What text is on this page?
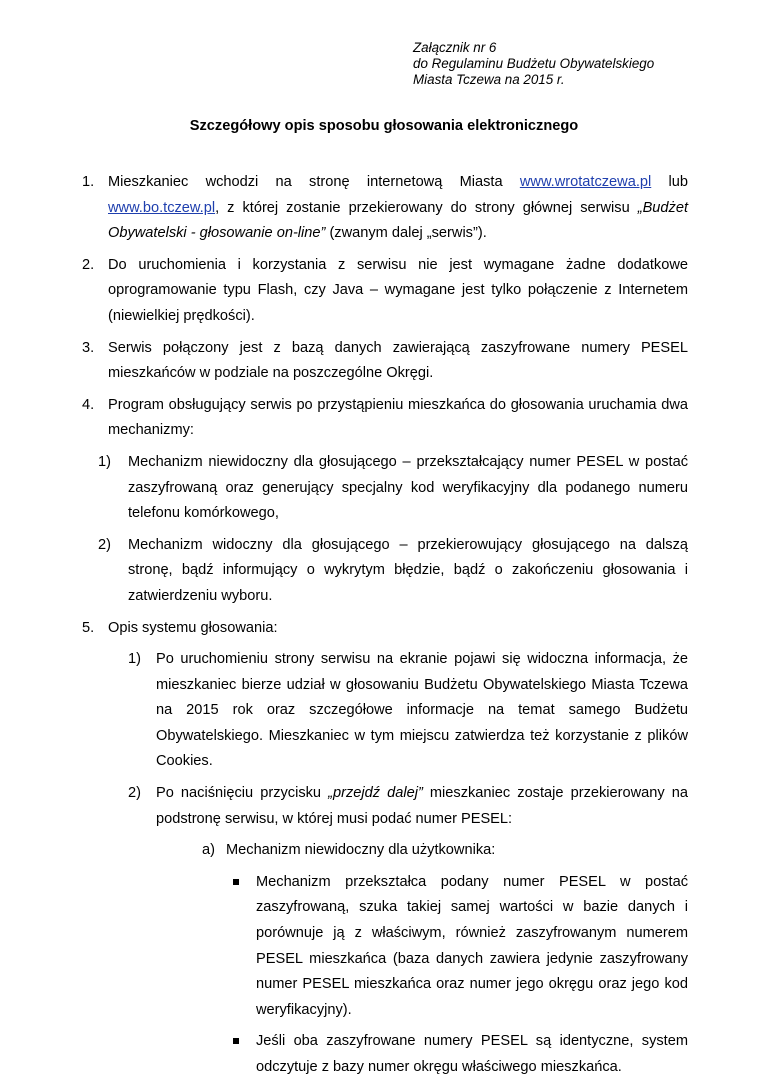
Załącznik nr 6
do Regulaminu Budżetu Obywatelskiego
Miasta Tczewa na 2015 r.
Szczegółowy opis sposobu głosowania elektronicznego
1. Mieszkaniec wchodzi na stronę internetową Miasta www.wrotatczewa.pl lub www.bo.tczew.pl, z której zostanie przekierowany do strony głównej serwisu „Budżet Obywatelski - głosowanie on-line” (zwanym dalej „serwis”).
2. Do uruchomienia i korzystania z serwisu nie jest wymagane żadne dodatkowe oprogramowanie typu Flash, czy Java – wymagane jest tylko połączenie z Internetem (niewielkiej prędkości).
3. Serwis połączony jest z bazą danych zawierającą zaszyfrowane numery PESEL mieszkańców w podziale na poszczególne Okręgi.
4. Program obsługujący serwis po przystąpieniu mieszkańca do głosowania uruchamia dwa mechanizmy:
1) Mechanizm niewidoczny dla głosującego – przekształcający numer PESEL w postać zaszyfrowaną oraz generujący specjalny kod weryfikacyjny dla podanego numeru telefonu komórkowego,
2) Mechanizm widoczny dla głosującego – przekierowujący głosującego na dalszą stronę, bądź informujący o wykrytym błędzie, bądź o zakończeniu głosowania i zatwierdzeniu wyboru.
5. Opis systemu głosowania:
1) Po uruchomieniu strony serwisu na ekranie pojawi się widoczna informacja, że mieszkaniec bierze udział w głosowaniu Budżetu Obywatelskiego Miasta Tczewa na 2015 rok oraz szczegółowe informacje na temat samego Budżetu Obywatelskiego. Mieszkaniec w tym miejscu zatwierdza też korzystanie z plików Cookies.
2) Po naciśnięciu przycisku „przejdź dalej” mieszkaniec zostaje przekierowany na podstronę serwisu, w której musi podać numer PESEL:
a) Mechanizm niewidoczny dla użytkownika:
Mechanizm przekształca podany numer PESEL w postać zaszyfrowaną, szuka takiej samej wartości w bazie danych i porównuje ją z właściwym, również zaszyfrowanym numerem PESEL mieszkańca (baza danych zawiera jedynie zaszyfrowany numer PESEL mieszkańca oraz numer jego okręgu oraz jego kod weryfikacyjny).
Jeśli oba zaszyfrowane numery PESEL są identyczne, system odczytuje z bazy numer okręgu właściwego mieszkańca.
